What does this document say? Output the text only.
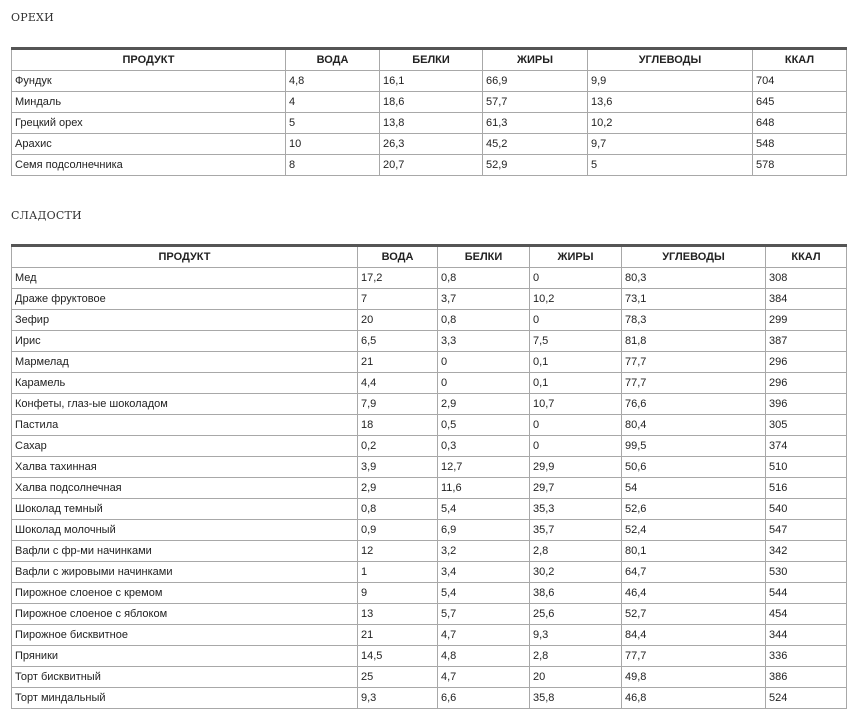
ОРЕХИ
ПРОДУКТ	ВОДА	БЕЛКИ	ЖИРЫ	УГЛЕВОДЫ	ККАЛ
Фундук	4,8	16,1	66,9	9,9	704
Миндаль	4	18,6	57,7	13,6	645
Грецкий орех	5	13,8	61,3	10,2	648
Арахис	10	26,3	45,2	9,7	548
Семя подсолнечника	8	20,7	52,9	5	578
СЛАДОСТИ
ПРОДУКТ	ВОДА	БЕЛКИ	ЖИРЫ	УГЛЕВОДЫ	ККАЛ
Мед	17,2	0,8	0	80,3	308
Драже фруктовое	7	3,7	10,2	73,1	384
Зефир	20	0,8	0	78,3	299
Ирис	6,5	3,3	7,5	81,8	387
Мармелад	21	0	0,1	77,7	296
Карамель	4,4	0	0,1	77,7	296
Конфеты, глаз-ые шоколадом	7,9	2,9	10,7	76,6	396
Пастила	18	0,5	0	80,4	305
Сахар	0,2	0,3	0	99,5	374
Халва тахинная	3,9	12,7	29,9	50,6	510
Халва подсолнечная	2,9	11,6	29,7	54	516
Шоколад темный	0,8	5,4	35,3	52,6	540
Шоколад молочный	0,9	6,9	35,7	52,4	547
Вафли с фр-ми начинками	12	3,2	2,8	80,1	342
Вафли с жировыми начинками	1	3,4	30,2	64,7	530
Пирожное слоеное с кремом	9	5,4	38,6	46,4	544
Пирожное слоеное с яблоком	13	5,7	25,6	52,7	454
Пирожное бисквитное	21	4,7	9,3	84,4	344
Пряники	14,5	4,8	2,8	77,7	336
Торт бисквитный	25	4,7	20	49,8	386
Торт миндальный	9,3	6,6	35,8	46,8	524
